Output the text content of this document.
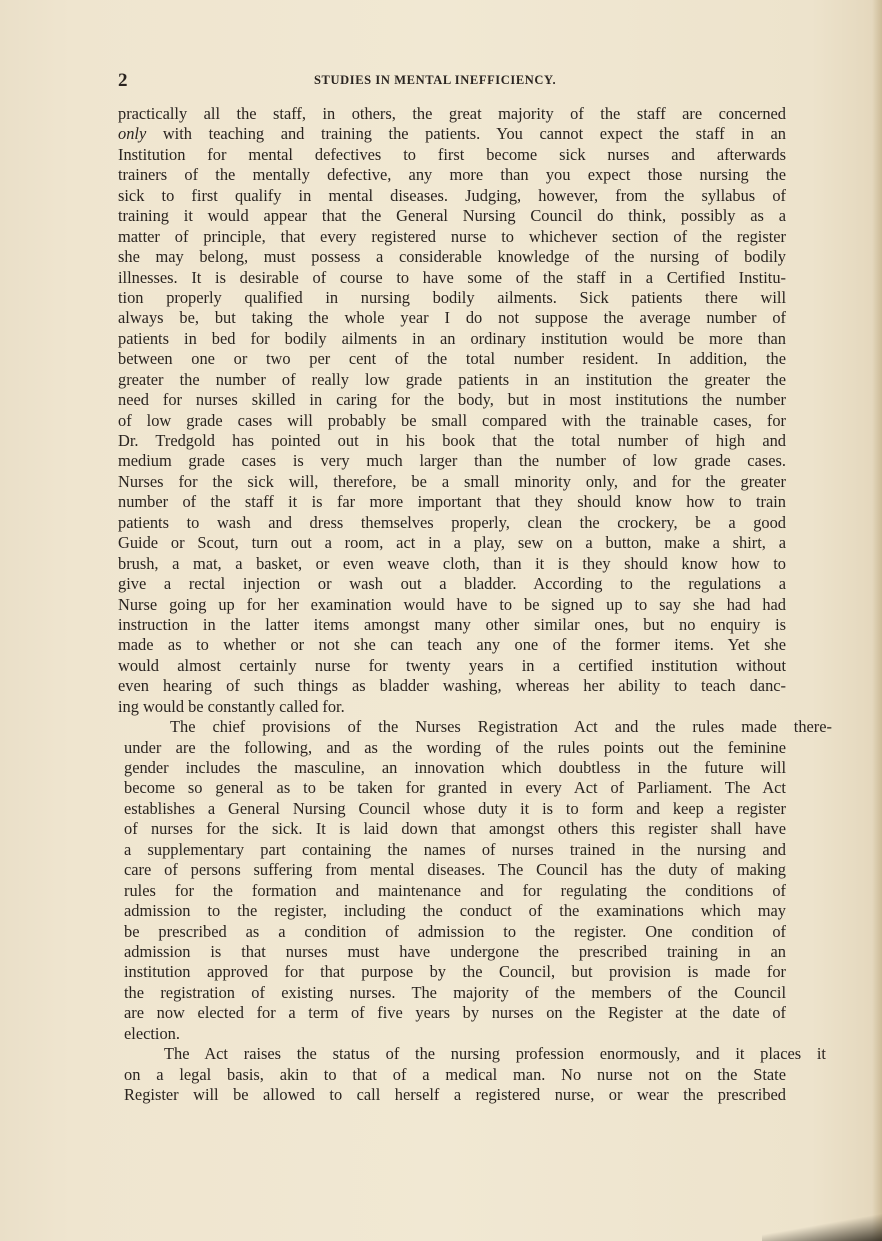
2	STUDIES IN MENTAL INEFFICIENCY.
practically all the staff, in others, the great majority of the staff are concerned
only with teaching and training the patients. You cannot expect the staff in an
Institution for mental defectives to first become sick nurses and afterwards
trainers of the mentally defective, any more than you expect those nursing the
sick to first qualify in mental diseases. Judging, however, from the syllabus of
training it would appear that the General Nursing Council do think, possibly as a
matter of principle, that every registered nurse to whichever section of the register
she may belong, must possess a considerable knowledge of the nursing of bodily
illnesses. It is desirable of course to have some of the staff in a Certified Institu-
tion properly qualified in nursing bodily ailments. Sick patients there will
always be, but taking the whole year I do not suppose the average number of
patients in bed for bodily ailments in an ordinary institution would be more than
between one or two per cent of the total number resident. In addition, the
greater the number of really low grade patients in an institution the greater the
need for nurses skilled in caring for the body, but in most institutions the number
of low grade cases will probably be small compared with the trainable cases, for
Dr. Tredgold has pointed out in his book that the total number of high and
medium grade cases is very much larger than the number of low grade cases.
Nurses for the sick will, therefore, be a small minority only, and for the greater
number of the staff it is far more important that they should know how to train
patients to wash and dress themselves properly, clean the crockery, be a good
Guide or Scout, turn out a room, act in a play, sew on a button, make a shirt, a
brush, a mat, a basket, or even weave cloth, than it is they should know how to
give a rectal injection or wash out a bladder. According to the regulations a
Nurse going up for her examination would have to be signed up to say she had had
instruction in the latter items amongst many other similar ones, but no enquiry is
made as to whether or not she can teach any one of the former items. Yet she
would almost certainly nurse for twenty years in a certified institution without
even hearing of such things as bladder washing, whereas her ability to teach danc-
ing would be constantly called for.
The chief provisions of the Nurses Registration Act and the rules made there-
under are the following, and as the wording of the rules points out the feminine
gender includes the masculine, an innovation which doubtless in the future will
become so general as to be taken for granted in every Act of Parliament. The Act
establishes a General Nursing Council whose duty it is to form and keep a register
of nurses for the sick. It is laid down that amongst others this register shall have
a supplementary part containing the names of nurses trained in the nursing and
care of persons suffering from mental diseases. The Council has the duty of making
rules for the formation and maintenance and for regulating the conditions of
admission to the register, including the conduct of the examinations which may
be prescribed as a condition of admission to the register. One condition of
admission is that nurses must have undergone the prescribed training in an
institution approved for that purpose by the Council, but provision is made for
the registration of existing nurses. The majority of the members of the Council
are now elected for a term of five years by nurses on the Register at the date of
election.
The Act raises the status of the nursing profession enormously, and it places it
on a legal basis, akin to that of a medical man. No nurse not on the State
Register will be allowed to call herself a registered nurse, or wear the prescribed
